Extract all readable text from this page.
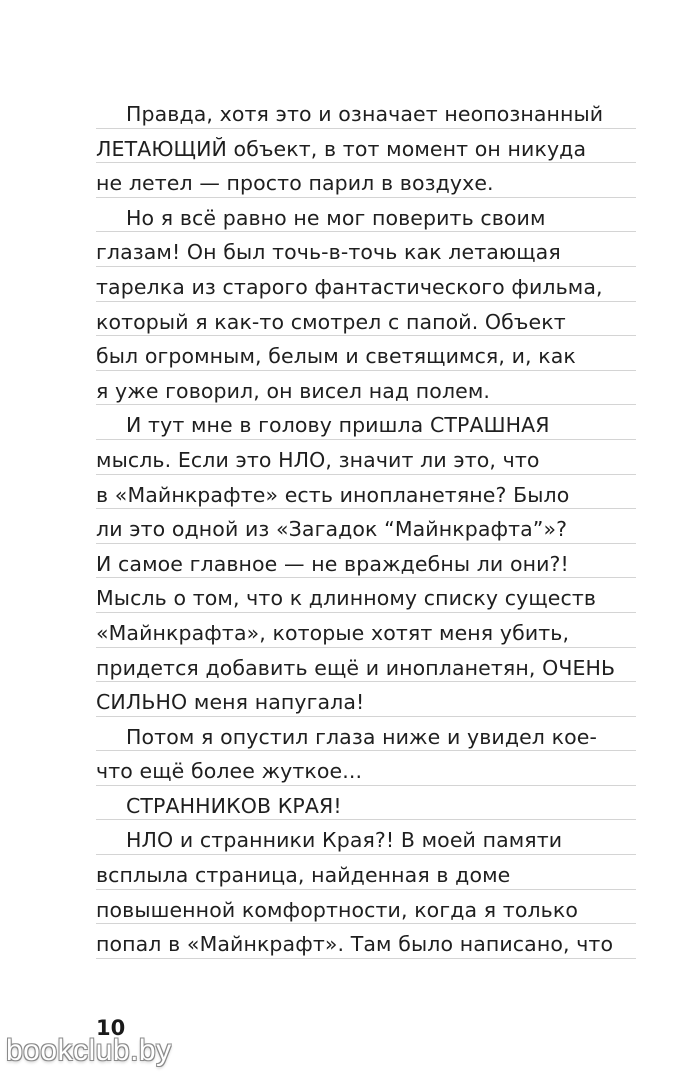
Правда, хотя это и означает неопознанный
ЛЕТАЮЩИЙ объект, в тот момент он никуда
не летел — просто парил в воздухе.
Но я всё равно не мог поверить своим
глазам! Он был точь-в-точь как летающая
тарелка из старого фантастического фильма,
который я как-то смотрел с папой. Объект
был огромным, белым и светящимся, и, как
я уже говорил, он висел над полем.
И тут мне в голову пришла СТРАШНАЯ
мысль. Если это НЛО, значит ли это, что
в «Майнкрафте» есть инопланетяне? Было
ли это одной из «Загадок “Майнкрафта”»?
И самое главное — не враждебны ли они?!
Мысль о том, что к длинному списку существ
«Майнкрафта», которые хотят меня убить,
придется добавить ещё и инопланетян, ОЧЕНЬ
СИЛЬНО меня напугала!
Потом я опустил глаза ниже и увидел кое-
что ещё более жуткое...
СТРАННИКОВ КРАЯ!
НЛО и странники Края?! В моей памяти
всплыла страница, найденная в доме
повышенной комфортности, когда я только
попал в «Майнкрафт». Там было написано, что
10
bookclub.by
